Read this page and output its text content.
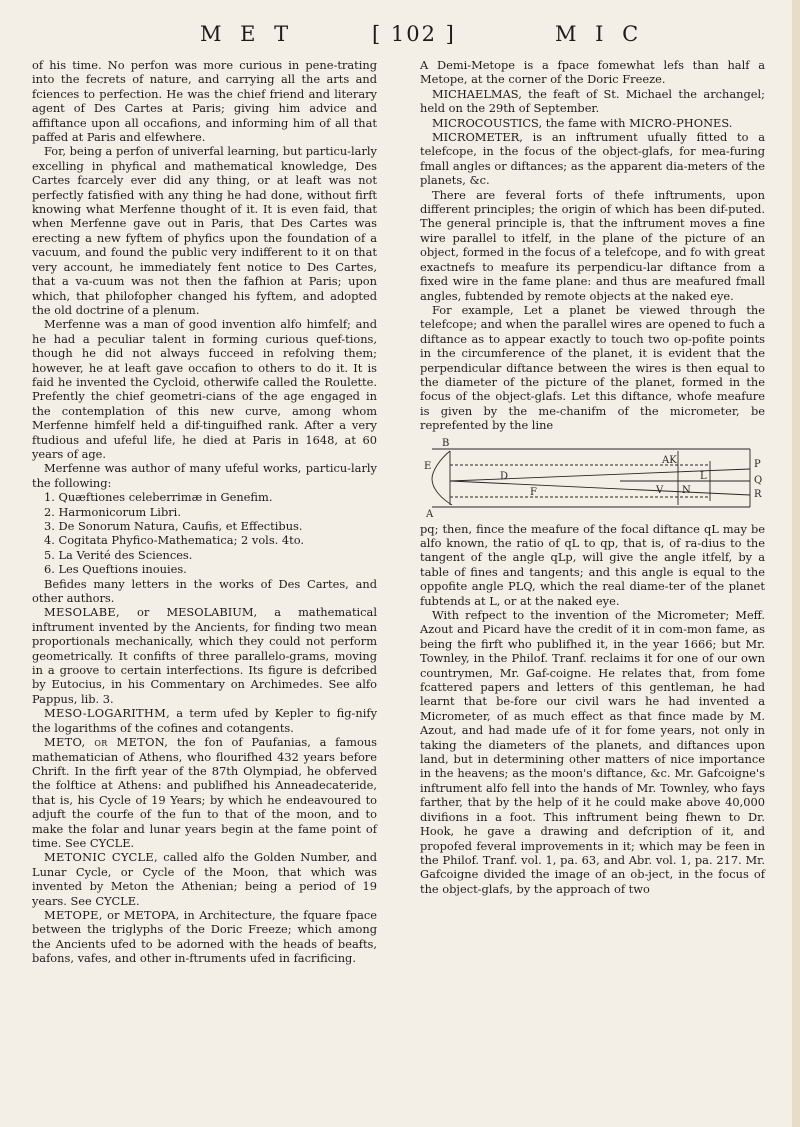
M E T	[ 102 ]	M I C

of his time. No perfon was more curious in pene-trating into the fecrets of nature, and carrying all the arts and fciences to perfection. He was the chief friend and literary agent of Des Cartes at Paris; giving him advice and affiftance upon all occafions, and informing him of all that paffed at Paris and elfewhere.

For, being a perfon of univerfal learning, but particu-larly excelling in phyfical and mathematical knowledge, Des Cartes fcarcely ever did any thing, or at leaft was not perfectly fatisfied with any thing he had done, without firft knowing what Merfenne thought of it. It is even faid, that when Merfenne gave out in Paris, that Des Cartes was erecting a new fyftem of phyfics upon the foundation of a vacuum, and found the public very indifferent to it on that very account, he immediately fent notice to Des Cartes, that a va-cuum was not then the fafhion at Paris; upon which, that philofopher changed his fyftem, and adopted the old doctrine of a plenum.

Merfenne was a man of good invention alfo himfelf; and he had a peculiar talent in forming curious quef-tions, though he did not always fucceed in refolving them; however, he at leaft gave occafion to others to do it. It is faid he invented the Cycloid, otherwife called the Roulette. Prefently the chief geometri-cians of the age engaged in the contemplation of this new curve, among whom Merfenne himfelf held a dif-tinguifhed rank. After a very ftudious and ufeful life, he died at Paris in 1648, at 60 years of age.

Merfenne was author of many ufeful works, particu-larly the following:

1. Quæftiones celeberrimæ in Genefim.
2. Harmonicorum Libri.
3. De Sonorum Natura, Caufis, et Effectibus.
4. Cogitata Phyfico-Mathematica; 2 vols. 4to.
5. La Verité des Sciences.
6. Les Queftions inouies.

Befides many letters in the works of Des Cartes, and other authors.

MESOLABE, or MESOLABIUM, a mathematical inftrument invented by the Ancients, for finding two mean proportionals mechanically, which they could not perform geometrically. It confifts of three parallelo-grams, moving in a groove to certain interfections. Its figure is defcribed by Eutocius, in his Commentary on Archimedes. See alfo Pappus, lib. 3.

MESO-LOGARITHM, a term ufed by Kepler to fig-nify the logarithms of the cofines and cotangents.

METO, or METON, the fon of Paufanias, a famous mathematician of Athens, who flourifhed 432 years before Chrift. In the firft year of the 87th Olympiad, he obferved the folftice at Athens: and publifhed his Anneadecateride, that is, his Cycle of 19 Years; by which he endeavoured to adjuft the courfe of the fun to that of the moon, and to make the folar and lunar years begin at the fame point of time. See CYCLE.

METONIC CYCLE, called alfo the Golden Number, and Lunar Cycle, or Cycle of the Moon, that which was invented by Meton the Athenian; being a period of 19 years. See CYCLE.

METOPE, or METOPA, in Architecture, the fquare fpace between the triglyphs of the Doric Freeze; which among the Ancients ufed to be adorned with the heads of beafts, bafons, vafes, and other in-ftruments ufed in facrificing.

A Demi-Metope is a fpace fomewhat lefs than half a Metope, at the corner of the Doric Freeze.

MICHAELMAS, the feaft of St. Michael the archangel; held on the 29th of September.

MICROCOUSTICS, the fame with MICRO-PHONES.

MICROMETER, is an inftrument ufually fitted to a telefcope, in the focus of the object-glafs, for mea-furing fmall angles or diftances; as the apparent dia-meters of the planets, &c.

There are feveral forts of thefe inftruments, upon different principles; the origin of which has been dif-puted. The general principle is, that the inftrument moves a fine wire parallel to itfelf, in the plane of the picture of an object, formed in the focus of a telefcope, and fo with great exactnefs to meafure its perpendicu-lar diftance from a fixed wire in the fame plane: and thus are meafured fmall angles, fubtended by remote objects at the naked eye.

For example, Let a planet be viewed through the telefcope; and when the parallel wires are opened to fuch a diftance as to appear exactly to touch two op-pofite points in the circumference of the planet, it is evident that the perpendicular diftance between the wires is then equal to the diameter of the picture of the planet, formed in the focus of the object-glafs. Let this diftance, whofe meafure is given by the me-chanifm of the micrometer, be reprefented by the line

B
E
A
AK	P
Q
R
F	V N
L
D

pq; then, fince the meafure of the focal diftance qL may be alfo known, the ratio of qL to qp, that is, of ra-dius to the tangent of the angle qLp, will give the angle itfelf, by a table of fines and tangents; and this angle is equal to the oppofite angle PLQ, which the real diame-ter of the planet fubtends at L, or at the naked eye.

With refpect to the invention of the Micrometer; Meff. Azout and Picard have the credit of it in com-mon fame, as being the firft who publifhed it, in the year 1666; but Mr. Townley, in the Philof. Tranf. reclaims it for one of our own countrymen, Mr. Gaf-coigne. He relates that, from fome fcattered papers and letters of this gentleman, he had learnt that be-fore our civil wars he had invented a Micrometer, of as much effect as that fince made by M. Azout, and had made ufe of it for fome years, not only in taking the diameters of the planets, and diftances upon land, but in determining other matters of nice importance in the heavens; as the moon's diftance, &c. Mr. Gafcoigne's inftrument alfo fell into the hands of Mr. Townley, who fays farther, that by the help of it he could make above 40,000 divifions in a foot. This inftrument being fhewn to Dr. Hook, he gave a drawing and defcription of it, and propofed feveral improvements in it; which may be feen in the Philof. Tranf. vol. 1, pa. 63, and Abr. vol. 1, pa. 217. Mr. Gafcoigne divided the image of an ob-ject, in the focus of the object-glafs, by the approach of two
